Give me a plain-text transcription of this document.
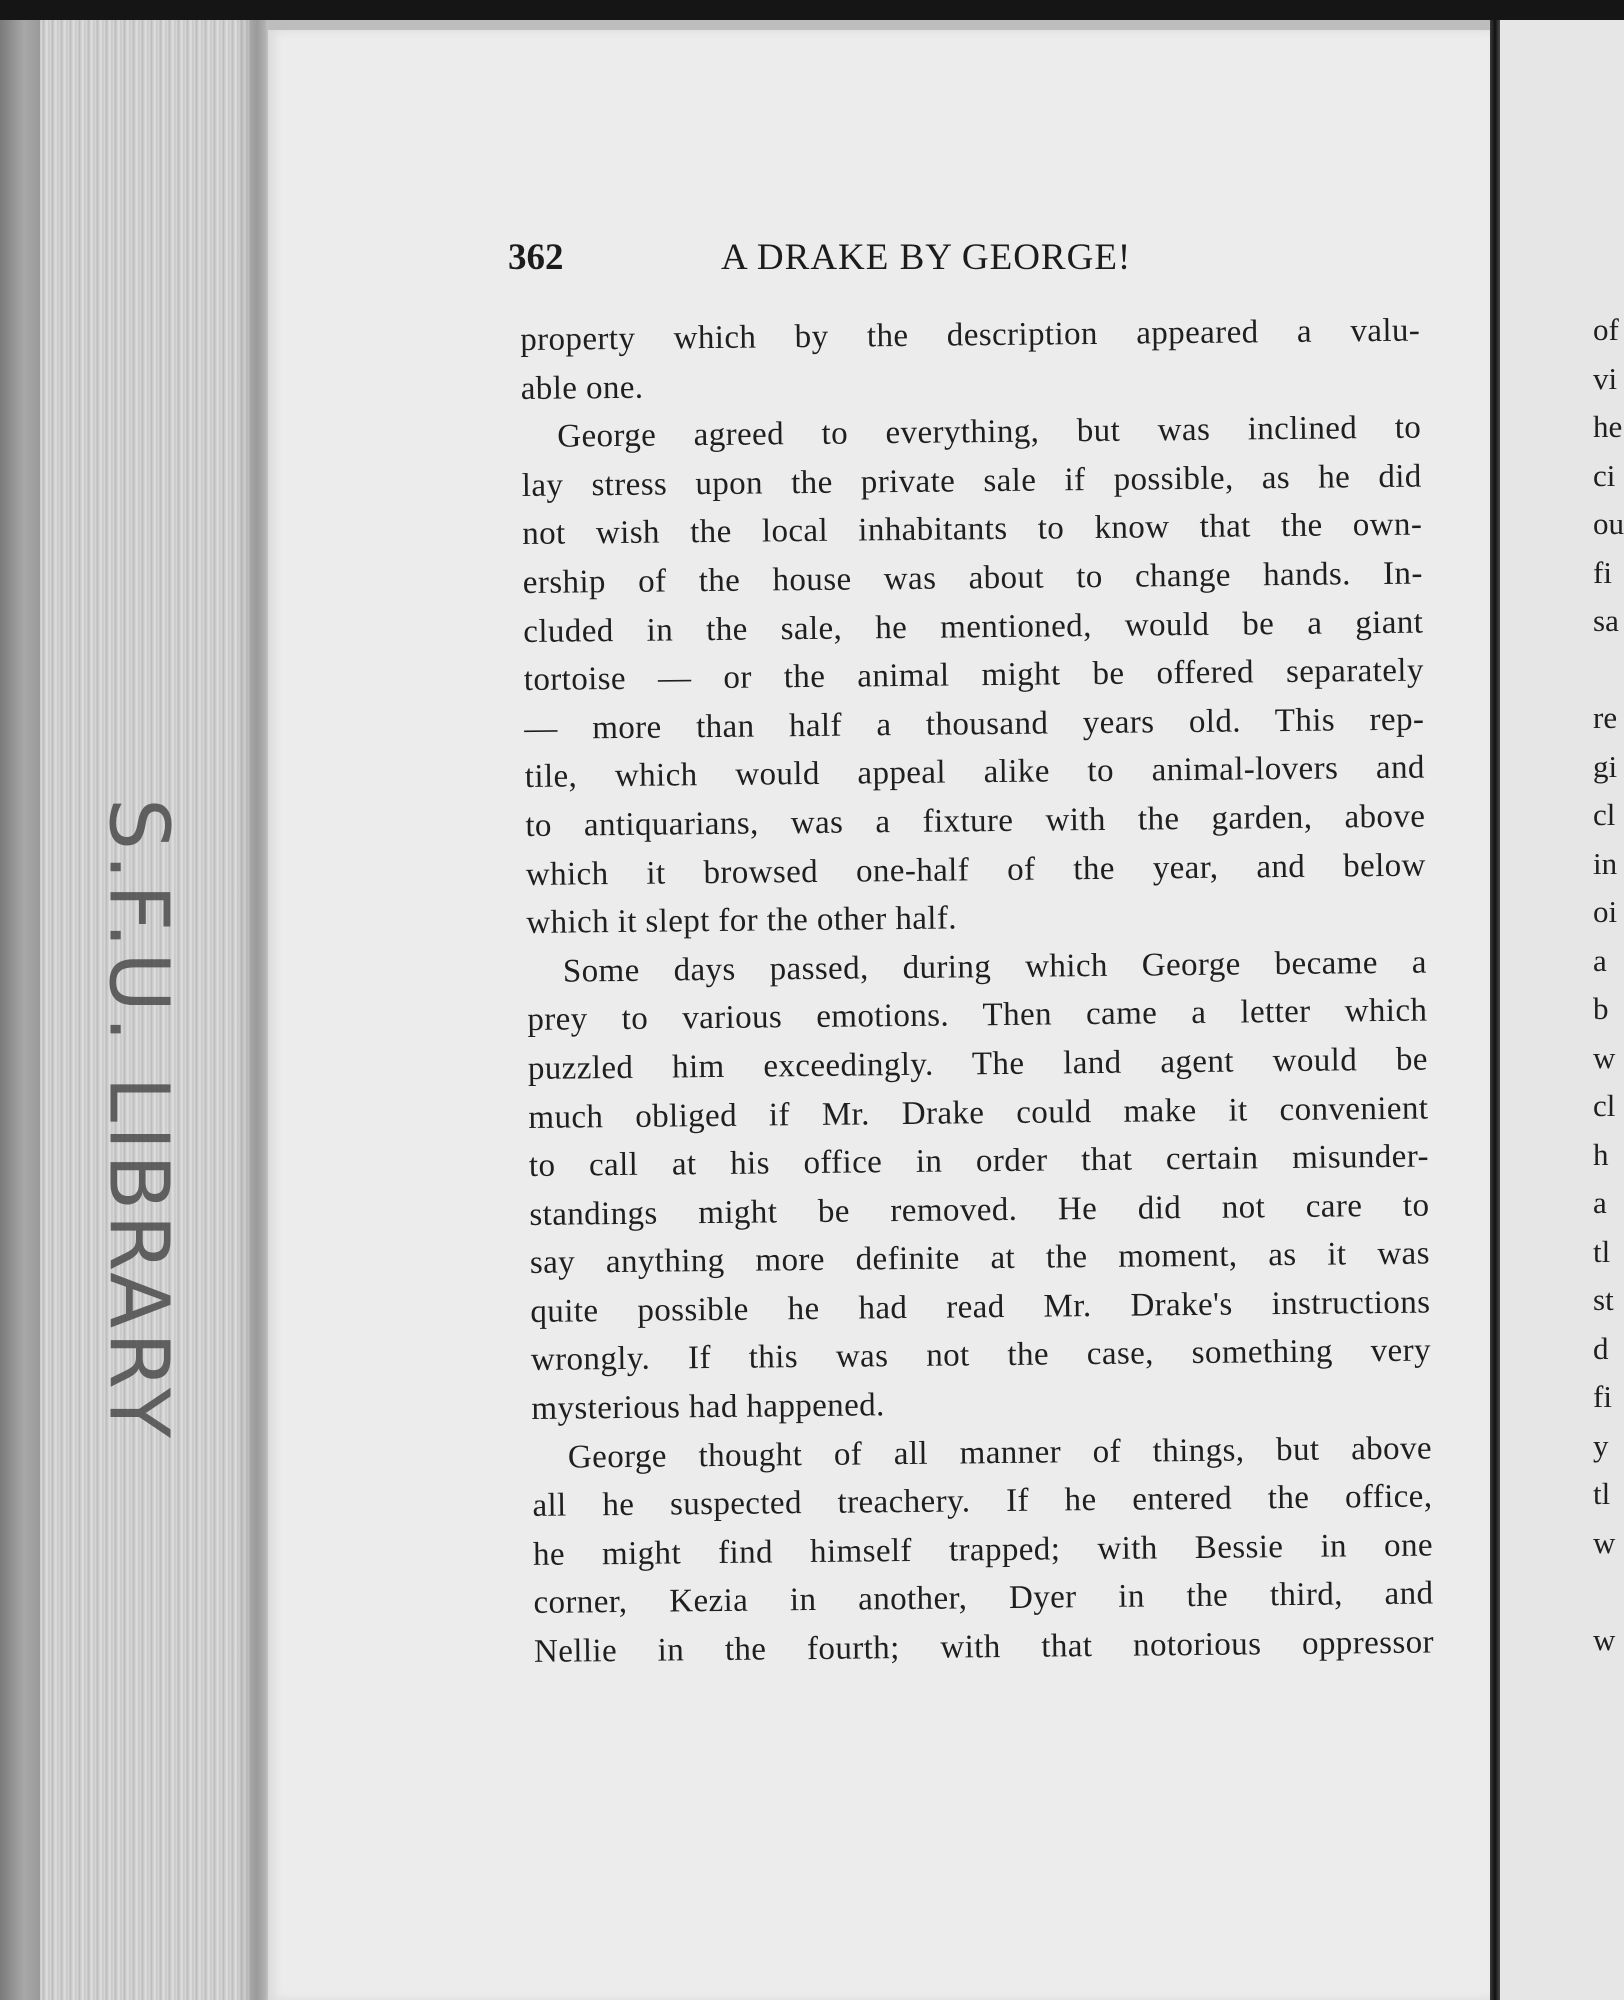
S.F.U. LIBRARY
362	A DRAKE BY GEORGE!
property which by the description appeared a valu-
able one.
George agreed to everything, but was inclined to
lay stress upon the private sale if possible, as he did
not wish the local inhabitants to know that the own-
ership of the house was about to change hands. In-
cluded in the sale, he mentioned, would be a giant
tortoise — or the animal might be offered separately
— more than half a thousand years old. This rep-
tile, which would appeal alike to animal-lovers and
to antiquarians, was a fixture with the garden, above
which it browsed one-half of the year, and below
which it slept for the other half.
Some days passed, during which George became a
prey to various emotions. Then came a letter which
puzzled him exceedingly. The land agent would be
much obliged if Mr. Drake could make it convenient
to call at his office in order that certain misunder-
standings might be removed. He did not care to
say anything more definite at the moment, as it was
quite possible he had read Mr. Drake's instructions
wrongly. If this was not the case, something very
mysterious had happened.
George thought of all manner of things, but above
all he suspected treachery. If he entered the office,
he might find himself trapped; with Bessie in one
corner, Kezia in another, Dyer in the third, and
Nellie in the fourth; with that notorious oppressor
of
vi
he
ci
ou
fi
sa
re
gi
cl
in
oi
a
b
w
cl
h
a
tl
st
d
fi
y
tl
w
w
